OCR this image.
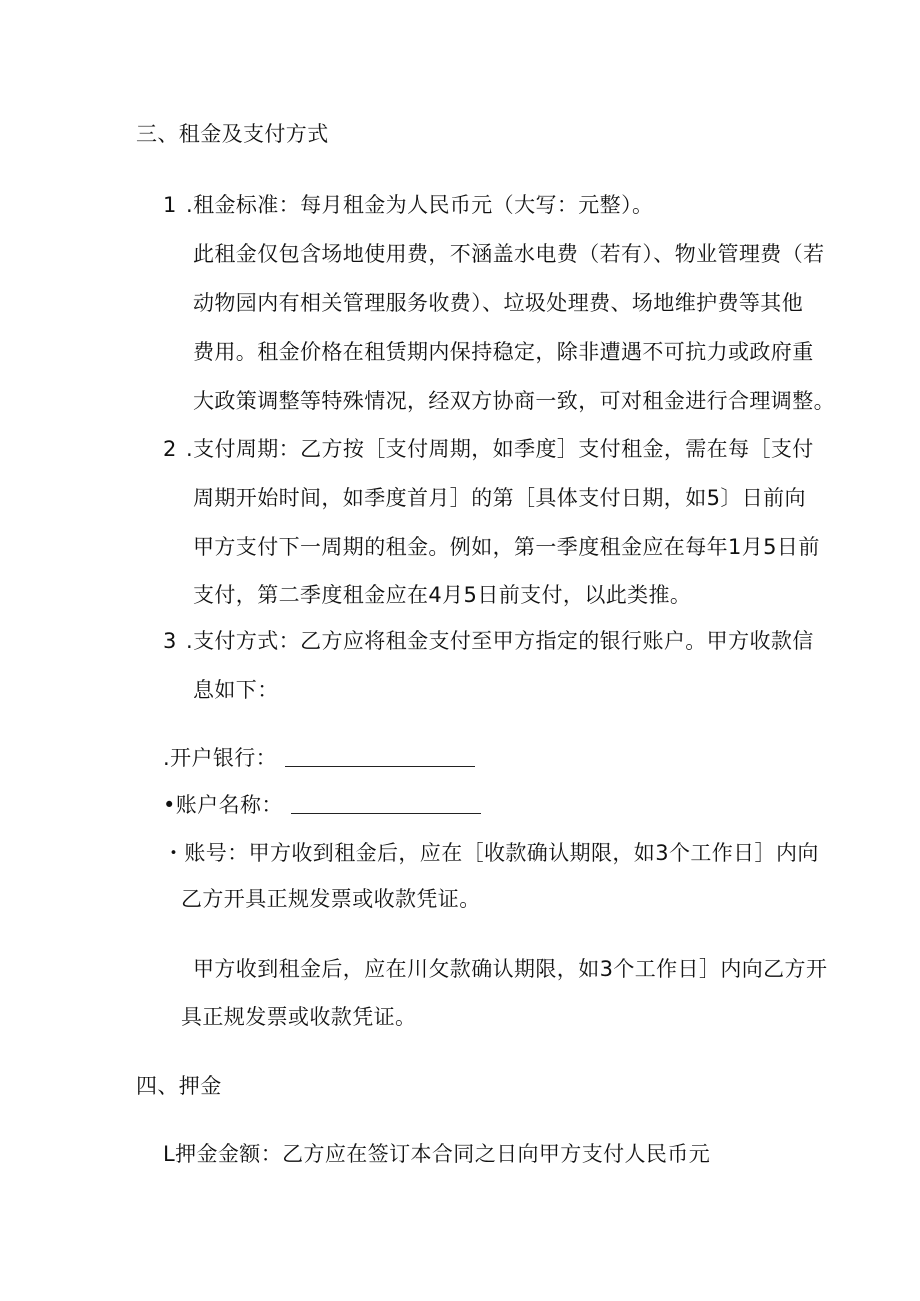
三、租金及支付方式
1 .租金标准：每月租金为人民币元（大写：元整）。
此租金仅包含场地使用费，不涵盖水电费（若有）、物业管理费（若
动物园内有相关管理服务收费）、垃圾处理费、场地维护费等其他
费用。租金价格在租赁期内保持稳定，除非遭遇不可抗力或政府重
大政策调整等特殊情况，经双方协商一致，可对租金进行合理调整。
2 .支付周期：乙方按［支付周期，如季度］支付租金，需在每［支付
周期开始时间，如季度首月］的第［具体支付日期，如5〕日前向
甲方支付下一周期的租金。例如，第一季度租金应在每年1月5日前
支付，第二季度租金应在4月5日前支付，以此类推。
3 .支付方式：乙方应将租金支付至甲方指定的银行账户。甲方收款信
息如下：
.开户银行：
•账户名称：
・账号：甲方收到租金后，应在［收款确认期限，如3个工作日］内向
乙方开具正规发票或收款凭证。
甲方收到租金后，应在川攵款确认期限，如3个工作日］内向乙方开
具正规发票或收款凭证。
四、押金
L押金金额：乙方应在签订本合同之日向甲方支付人民币元
